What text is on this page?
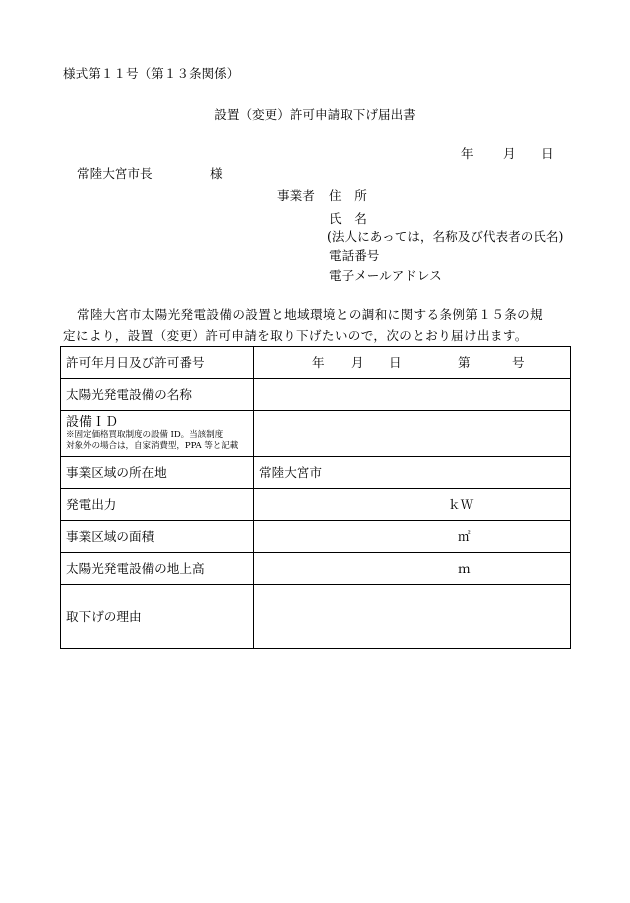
様式第１１号（第１３条関係）
設置（変更）許可申請取下げ届出書
年 月 日
常陸大宮市長	様
事業者 住　所
氏　名
(法人にあっては，名称及び代表者の氏名)
電話番号
電子メールアドレス
常陸大宮市太陽光発電設備の設置と地域環境との調和に関する条例第１５条の規
定により，設置（変更）許可申請を取り下げたいので，次のとおり届け出ます。
許可年月日及び許可番号	年 月 日 第 号

太陽光発電設備の名称	

設備ＩＤ
※固定価格買取制度の設備 ID。当該制度
対象外の場合は，自家消費型，PPA 等と記載	

事業区域の所在地	常陸大宮市
発電出力	ｋＷ

事業区域の面積	㎡

太陽光発電設備の地上高	ｍ

取下げの理由	
